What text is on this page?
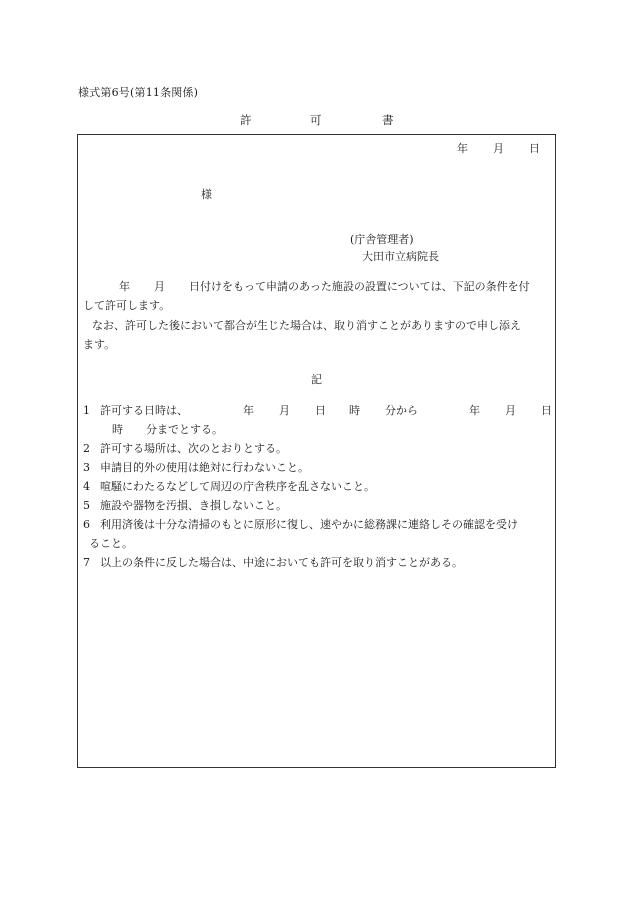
様式第6号(第11条関係)
許	可	書
年 月 日
様
(庁舎管理者)
大田市立病院長
年 月 日付けをもって申請のあった施設の設置については、下記の条件を付
して許可します。
なお、許可した後において都合が生じた場合は、取り消すことがありますので申し添え
ます。
記
1 許可する日時は、	年 月 日 時 分から	年 月 日
時 分までとする。
2 許可する場所は、次のとおりとする。
3 申請目的外の使用は絶対に行わないこと。
4 喧騒にわたるなどして周辺の庁舎秩序を乱さないこと。
5 施設や器物を汚損、き損しないこと。
6 利用済後は十分な清掃のもとに原形に復し、速やかに総務課に連絡しその確認を受け
ること。
7 以上の条件に反した場合は、中途においても許可を取り消すことがある。
